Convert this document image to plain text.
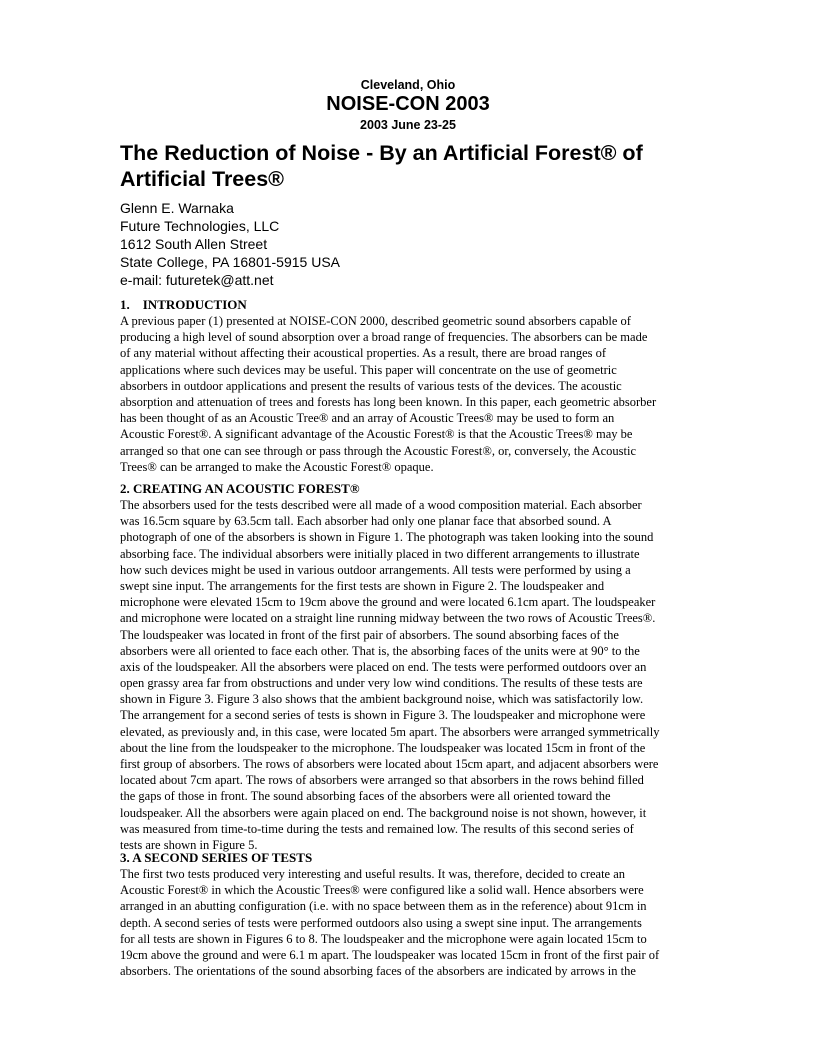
Cleveland, Ohio
NOISE-CON 2003
2003 June 23-25
The Reduction of Noise - By an Artificial Forest® of Artificial Trees®
Glenn E. Warnaka
Future Technologies, LLC
1612 South Allen Street
State College, PA 16801-5915 USA
e-mail: futuretek@att.net
1.    INTRODUCTION
A previous paper (1) presented at NOISE-CON 2000, described geometric sound absorbers capable of
producing a high level of sound absorption over a broad range of frequencies. The absorbers can be made
of any material without affecting their acoustical properties. As a result, there are broad ranges of
applications where such devices may be useful. This paper will concentrate on the use of geometric
absorbers in outdoor applications and present the results of various tests of the devices. The acoustic
absorption and attenuation of trees and forests has long been known. In this paper, each geometric absorber
has been thought of as an Acoustic Tree® and an array of Acoustic Trees® may be used to form an
Acoustic Forest®. A significant advantage of the Acoustic Forest® is that the Acoustic Trees® may be
arranged so that one can see through or pass through the Acoustic Forest®, or, conversely, the Acoustic
Trees® can be arranged to make the Acoustic Forest® opaque.
2. CREATING AN ACOUSTIC FOREST®
The absorbers used for the tests described were all made of a wood composition material. Each absorber
was 16.5cm square by 63.5cm tall. Each absorber had only one planar face that absorbed sound. A
photograph of one of the absorbers is shown in Figure 1. The photograph was taken looking into the sound
absorbing face. The individual absorbers were initially placed in two different arrangements to illustrate
how such devices might be used in various outdoor arrangements. All tests were performed by using a
swept sine input. The arrangements for the first tests are shown in Figure 2. The loudspeaker and
microphone were elevated 15cm to 19cm above the ground and were located 6.1cm apart. The loudspeaker
and microphone were located on a straight line running midway between the two rows of Acoustic Trees®.
The loudspeaker was located in front of the first pair of absorbers. The sound absorbing faces of the
absorbers were all oriented to face each other. That is, the absorbing faces of the units were at 90° to the
axis of the loudspeaker. All the absorbers were placed on end. The tests were performed outdoors over an
open grassy area far from obstructions and under very low wind conditions. The results of these tests are
shown in Figure 3. Figure 3 also shows that the ambient background noise, which was satisfactorily low.
The arrangement for a second series of tests is shown in Figure 3. The loudspeaker and microphone were
elevated, as previously and, in this case, were located 5m apart. The absorbers were arranged symmetrically
about the line from the loudspeaker to the microphone. The loudspeaker was located 15cm in front of the
first group of absorbers. The rows of absorbers were located about 15cm apart, and adjacent absorbers were
located about 7cm apart. The rows of absorbers were arranged so that absorbers in the rows behind filled
the gaps of those in front. The sound absorbing faces of the absorbers were all oriented toward the
loudspeaker. All the absorbers were again placed on end. The background noise is not shown, however, it
was measured from time-to-time during the tests and remained low. The results of this second series of
tests are shown in Figure 5.
3. A SECOND SERIES OF TESTS
The first two tests produced very interesting and useful results. It was, therefore, decided to create an
Acoustic Forest® in which the Acoustic Trees® were configured like a solid wall. Hence absorbers were
arranged in an abutting configuration (i.e. with no space between them as in the reference) about 91cm in
depth. A second series of tests were performed outdoors also using a swept sine input. The arrangements
for all tests are shown in Figures 6 to 8. The loudspeaker and the microphone were again located 15cm to
19cm above the ground and were 6.1 m apart. The loudspeaker was located 15cm in front of the first pair of
absorbers. The orientations of the sound absorbing faces of the absorbers are indicated by arrows in the
